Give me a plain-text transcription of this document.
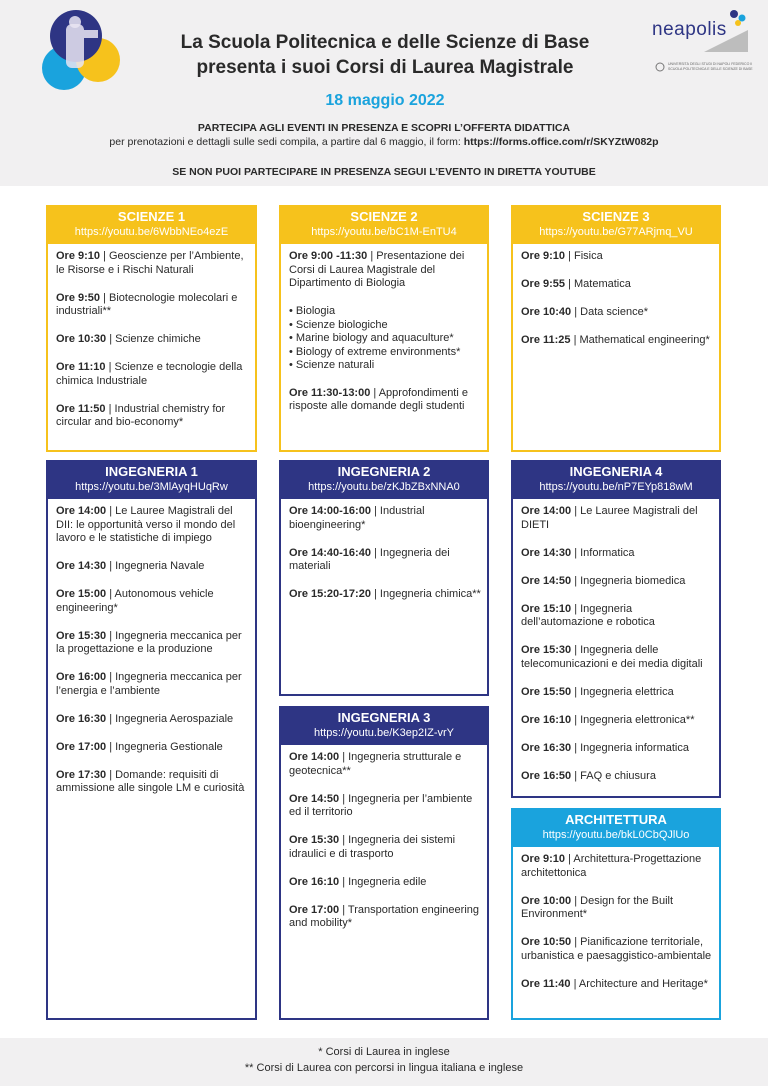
neapolis
UNIVERSITÀ DEGLI STUDI DI NAPOLI FEDERICO II
SCUOLA POLITECNICA E DELLE SCIENZE DI BASE
La Scuola Politecnica e delle Scienze di Base
presenta i suoi Corsi di Laurea Magistrale
18 maggio 2022
PARTECIPA AGLI EVENTI IN PRESENZA E SCOPRI L’OFFERTA DIDATTICA
per prenotazioni e dettagli sulle sedi compila, a partire dal 6 maggio, il form: https://forms.office.com/r/SKYZtW082p
SE NON PUOI PARTECIPARE IN PRESENZA SEGUI L’EVENTO IN DIRETTA YOUTUBE
SCIENZE 1
https://youtu.be/6WbbNEo4ezE
Ore 9:10 | Geoscienze per l’Ambiente, le Risorse e i Rischi Naturali
Ore 9:50 | Biotecnologie molecolari e industriali**
Ore 10:30 | Scienze chimiche
Ore 11:10 | Scienze e tecnologie della chimica Industriale
Ore 11:50 | Industrial chemistry for circular and bio-economy*
SCIENZE 2
https://youtu.be/bC1M-EnTU4
Ore 9:00 -11:30 | Presentazione dei Corsi di Laurea Magistrale del Dipartimento di Biologia
• Biologia
• Scienze biologiche
• Marine biology and aquaculture*
• Biology of extreme environments*
• Scienze naturali
Ore 11:30-13:00 | Approfondimenti e risposte alle domande degli studenti
SCIENZE 3
https://youtu.be/G77ARjmq_VU
Ore 9:10 | Fisica
Ore 9:55 | Matematica
Ore 10:40 | Data science*
Ore 11:25 | Mathematical engineering*
INGEGNERIA 1
https://youtu.be/3MlAyqHUqRw
Ore 14:00 | Le Lauree Magistrali del DII: le opportunità verso il mondo del lavoro e le statistiche di impiego
Ore 14:30 | Ingegneria Navale
Ore 15:00 | Autonomous vehicle engineering*
Ore 15:30 | Ingegneria meccanica per la progettazione e la produzione
Ore 16:00 | Ingegneria meccanica per l’energia e l’ambiente
Ore 16:30 | Ingegneria Aerospaziale
Ore 17:00 | Ingegneria Gestionale
Ore 17:30 | Domande: requisiti di ammissione alle singole LM e curiosità
INGEGNERIA 2
https://youtu.be/zKJbZBxNNA0
Ore 14:00-16:00 | Industrial bioengineering*
Ore 14:40-16:40 | Ingegneria dei materiali
Ore 15:20-17:20 | Ingegneria chimica**
INGEGNERIA 3
https://youtu.be/K3ep2IZ-vrY
Ore 14:00 | Ingegneria strutturale e geotecnica**
Ore 14:50 | Ingegneria per l’ambiente ed il territorio
Ore 15:30 | Ingegneria dei sistemi idraulici e di trasporto
Ore 16:10 | Ingegneria edile
Ore 17:00 | Transportation engineering and mobility*
INGEGNERIA 4
https://youtu.be/nP7EYp818wM
Ore 14:00 | Le Lauree Magistrali del DIETI
Ore 14:30 | Informatica
Ore 14:50 | Ingegneria biomedica
Ore 15:10 | Ingegneria dell’automazione e robotica
Ore 15:30 | Ingegneria delle telecomunicazioni e dei media digitali
Ore 15:50 | Ingegneria elettrica
Ore 16:10 | Ingegneria elettronica**
Ore 16:30 | Ingegneria informatica
Ore 16:50 | FAQ e chiusura
ARCHITETTURA
https://youtu.be/bkL0CbQJlUo
Ore 9:10 | Architettura-Progettazione architettonica
Ore 10:00 | Design for the Built Environment*
Ore 10:50 | Pianificazione territoriale, urbanistica e paesaggistico-ambientale
Ore 11:40 | Architecture and Heritage*
* Corsi di Laurea in inglese
** Corsi di Laurea con percorsi in lingua italiana e inglese
